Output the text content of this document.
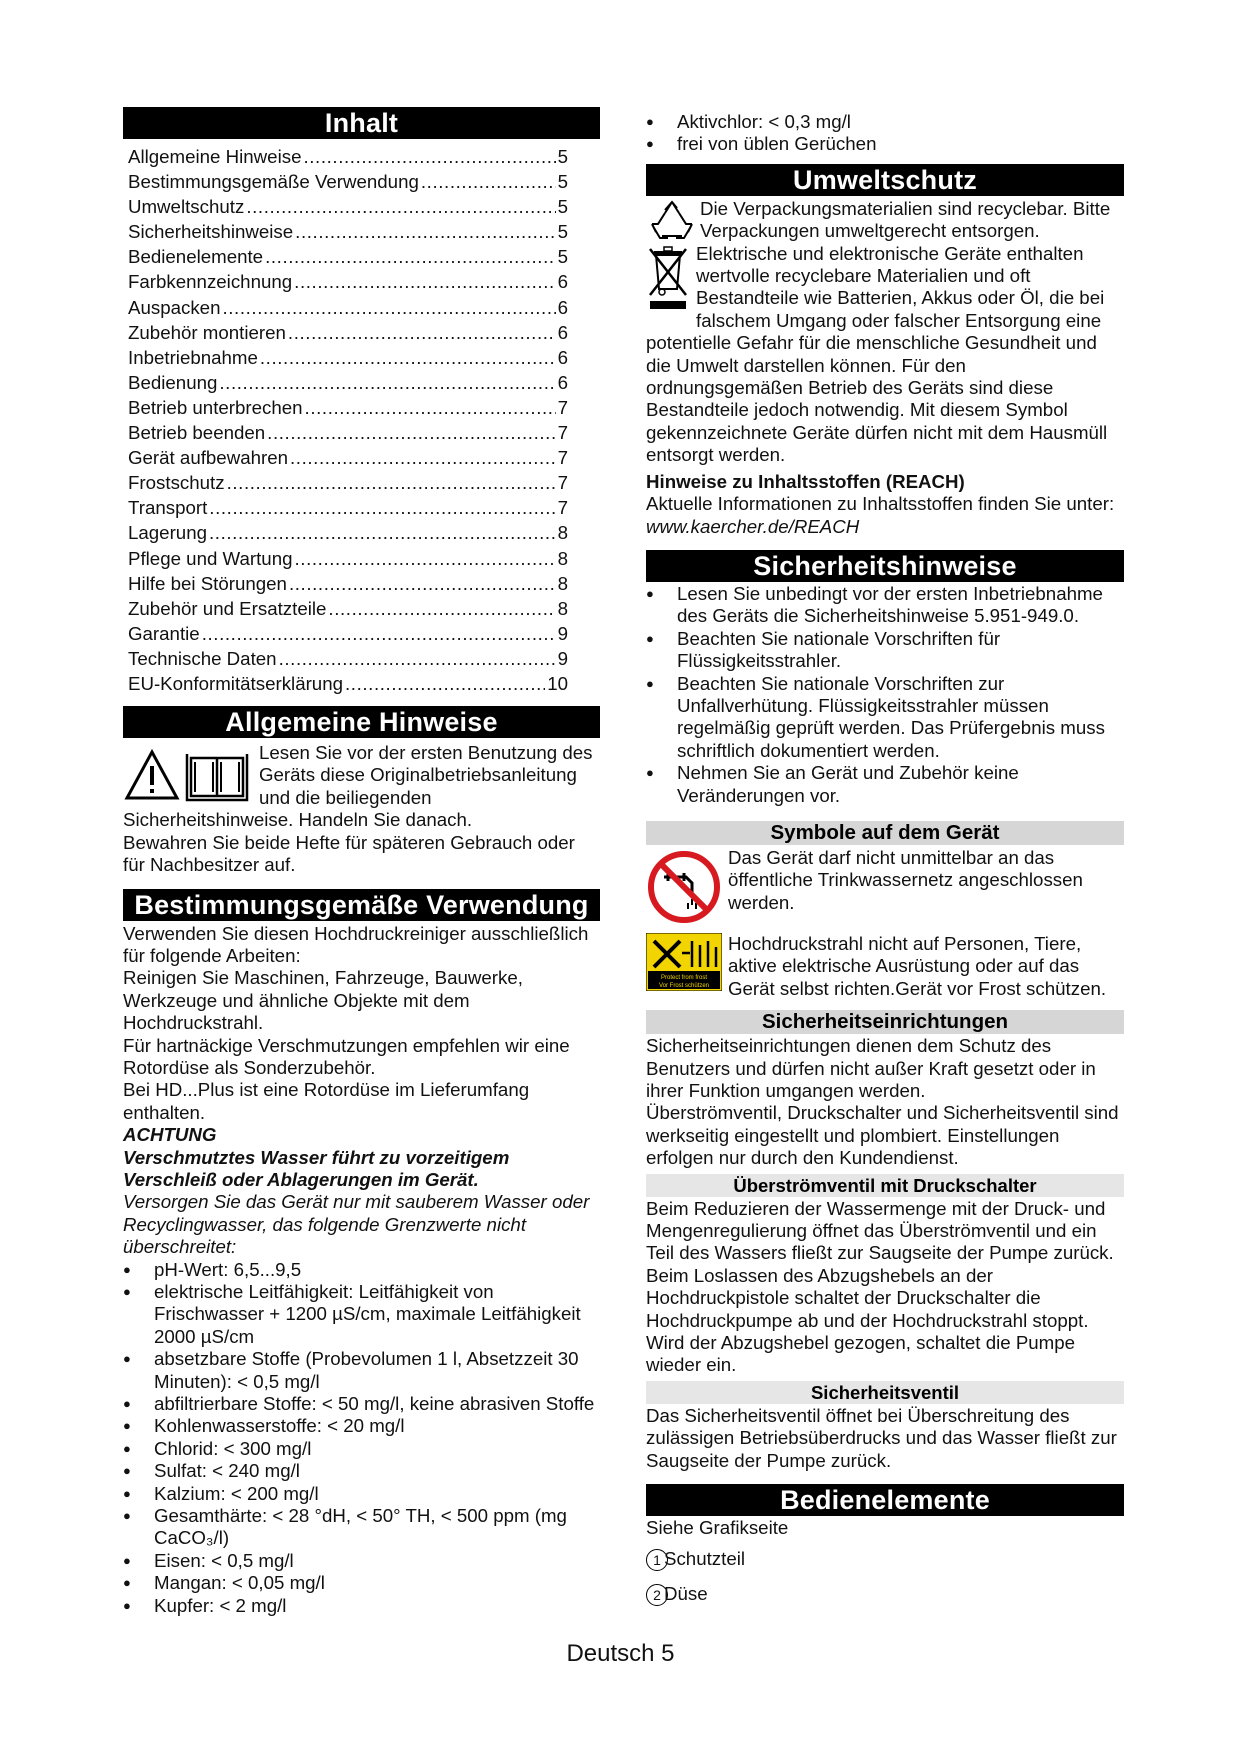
Inhalt
Allgemeine Hinweise .....	5
Bestimmungsgemäße Verwendung .....	5
Umweltschutz .....	5
Sicherheitshinweise .....	5
Bedienelemente .....	5
Farbkennzeichnung .....	6
Auspacken .....	6
Zubehör montieren .....	6
Inbetriebnahme .....	6
Bedienung .....	6
Betrieb unterbrechen .....	7
Betrieb beenden .....	7
Gerät aufbewahren .....	7
Frostschutz .....	7
Transport .....	7
Lagerung .....	8
Pflege und Wartung .....	8
Hilfe bei Störungen .....	8
Zubehör und Ersatzteile .....	8
Garantie .....	9
Technische Daten .....	9
EU-Konformitätserklärung .....	10
Allgemeine Hinweise

Lesen Sie vor der ersten Benutzung des Geräts diese Originalbetriebsanleitung und die beiliegenden Sicherheitshinweise. Handeln Sie danach.

Bewahren Sie beide Hefte für späteren Gebrauch oder für Nachbesitzer auf.

Bestimmungsgemäße Verwendung

Verwenden Sie diesen Hochdruckreiniger ausschließlich für folgende Arbeiten:

Reinigen Sie Maschinen, Fahrzeuge, Bauwerke, Werkzeuge und ähnliche Objekte mit dem Hochdruckstrahl.

Für hartnäckige Verschmutzungen empfehlen wir eine Rotordüse als Sonderzubehör.

Bei HD...Plus ist eine Rotordüse im Lieferumfang enthalten.

ACHTUNG

Verschmutztes Wasser führt zu vorzeitigem Verschleiß oder Ablagerungen im Gerät.

Versorgen Sie das Gerät nur mit sauberem Wasser oder Recyclingwasser, das folgende Grenzwerte nicht überschreitet:

● pH-Wert: 6,5...9,5
● elektrische Leitfähigkeit: Leitfähigkeit von Frischwasser + 1200 µS/cm, maximale Leitfähigkeit 2000 µS/cm
● absetzbare Stoffe (Probevolumen 1 l, Absetzzeit 30 Minuten): < 0,5 mg/l
● abfiltrierbare Stoffe: < 50 mg/l, keine abrasiven Stoffe
● Kohlenwasserstoffe: < 20 mg/l
● Chlorid: < 300 mg/l
● Sulfat: < 240 mg/l
● Kalzium: < 200 mg/l
● Gesamthärte: < 28 °dH, < 50° TH, < 500 ppm (mg CaCO₃/l)
● Eisen: < 0,5 mg/l
● Mangan: < 0,05 mg/l
● Kupfer: < 2 mg/l
● Aktivchlor: < 0,3 mg/l
● frei von üblen Gerüchen
Umweltschutz

Die Verpackungsmaterialien sind recyclebar. Bitte Verpackungen umweltgerecht entsorgen.

Elektrische und elektronische Geräte enthalten wertvolle recyclebare Materialien und oft Bestandteile wie Batterien, Akkus oder Öl, die bei falschem Umgang oder falscher Entsorgung eine potentielle Gefahr für die menschliche Gesundheit und die Umwelt darstellen können. Für den ordnungsgemäßen Betrieb des Geräts sind diese Bestandteile jedoch notwendig. Mit diesem Symbol gekennzeichnete Geräte dürfen nicht mit dem Hausmüll entsorgt werden.

Hinweise zu Inhaltsstoffen (REACH)

Aktuelle Informationen zu Inhaltsstoffen finden Sie unter: www.kaercher.de/REACH

Sicherheitshinweise
● Lesen Sie unbedingt vor der ersten Inbetriebnahme des Geräts die Sicherheitshinweise 5.951-949.0.
● Beachten Sie nationale Vorschriften für Flüssigkeitsstrahler.
● Beachten Sie nationale Vorschriften zur Unfallverhütung. Flüssigkeitsstrahler müssen regelmäßig geprüft werden. Das Prüfergebnis muss schriftlich dokumentiert werden.
● Nehmen Sie an Gerät und Zubehör keine Veränderungen vor.
Symbole auf dem Gerät

Das Gerät darf nicht unmittelbar an das öffentliche Trinkwassernetz angeschlossen werden.

Protect from frost
Vor Frost schützen

Hochdruckstrahl nicht auf Personen, Tiere, aktive elektrische Ausrüstung oder auf das Gerät selbst richten.Gerät vor Frost schützen.

Sicherheitseinrichtungen

Sicherheitseinrichtungen dienen dem Schutz des Benutzers und dürfen nicht außer Kraft gesetzt oder in ihrer Funktion umgangen werden.

Überströmventil, Druckschalter und Sicherheitsventil sind werkseitig eingestellt und plombiert. Einstellungen erfolgen nur durch den Kundendienst.

Überströmventil mit Druckschalter

Beim Reduzieren der Wassermenge mit der Druck- und Mengenregulierung öffnet das Überströmventil und ein Teil des Wassers fließt zur Saugseite der Pumpe zurück.

Beim Loslassen des Abzugshebels an der Hochdruckpistole schaltet der Druckschalter die Hochdruckpumpe ab und der Hochdruckstrahl stoppt.

Wird der Abzugshebel gezogen, schaltet die Pumpe wieder ein.

Sicherheitsventil

Das Sicherheitsventil öffnet bei Überschreitung des zulässigen Betriebsüberdrucks und das Wasser fließt zur Saugseite der Pumpe zurück.

Bedienelemente

Siehe Grafikseite

1 Schutzteil

2 Düse

Deutsch 5
